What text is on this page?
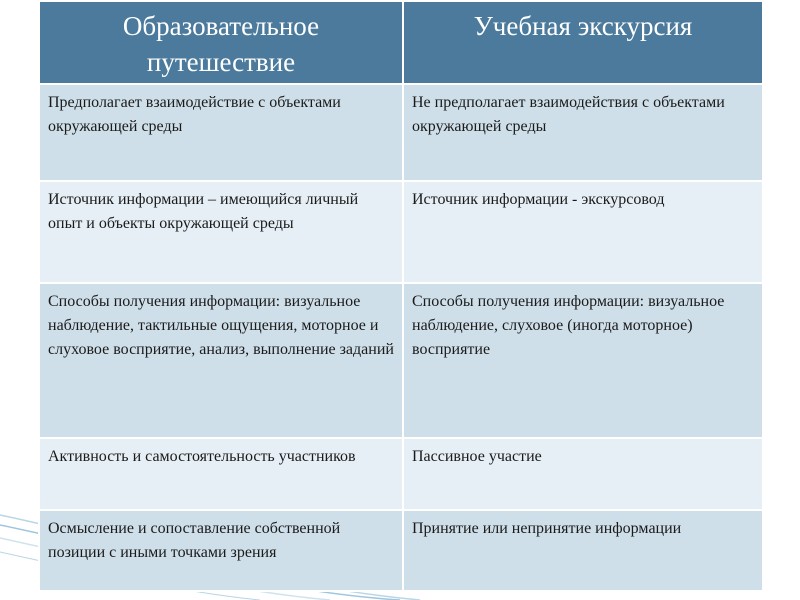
Образовательное путешествие	Учебная экскурсия
Предполагает взаимодействие с объектами окружающей среды	Не предполагает взаимодействия с объектами окружающей среды
Источник информации – имеющийся личный опыт и объекты окружающей среды	Источник информации - экскурсовод
Способы получения информации: визуальное наблюдение, тактильные ощущения, моторное и слуховое восприятие, анализ, выполнение заданий	Способы получения информации: визуальное наблюдение, слуховое (иногда моторное) восприятие
Активность и самостоятельность участников	Пассивное участие
Осмысление и сопоставление собственной позиции с иными точками зрения	Принятие или непринятие информации
